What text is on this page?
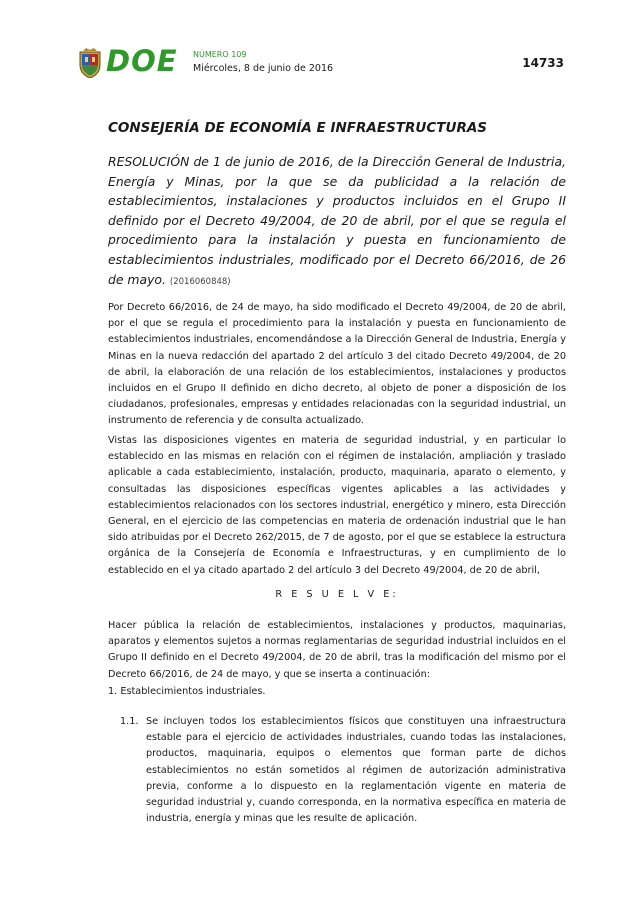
DOE NÚMERO 109
Miércoles, 8 de junio de 2016	14733
CONSEJERÍA DE ECONOMÍA E INFRAESTRUCTURAS
RESOLUCIÓN de 1 de junio de 2016, de la Dirección General de Industria, Energía y Minas, por la que se da publicidad a la relación de establecimientos, instalaciones y productos incluidos en el Grupo II definido por el Decreto 49/2004, de 20 de abril, por el que se regula el procedimiento para la instalación y puesta en funcionamiento de establecimientos industriales, modificado por el Decreto 66/2016, de 26 de mayo. (2016060848)
Por Decreto 66/2016, de 24 de mayo, ha sido modificado el Decreto 49/2004, de 20 de abril, por el que se regula el procedimiento para la instalación y puesta en funcionamiento de establecimientos industriales, encomendándose a la Dirección General de Industria, Energía y Minas en la nueva redacción del apartado 2 del artículo 3 del citado Decreto 49/2004, de 20 de abril, la elaboración de una relación de los establecimientos, instalaciones y productos incluidos en el Grupo II definido en dicho decreto, al objeto de poner a disposición de los ciudadanos, profesionales, empresas y entidades relacionadas con la seguridad industrial, un instrumento de referencia y de consulta actualizado.
Vistas las disposiciones vigentes en materia de seguridad industrial, y en particular lo establecido en las mismas en relación con el régimen de instalación, ampliación y traslado aplicable a cada establecimiento, instalación, producto, maquinaria, aparato o elemento, y consultadas las disposiciones específicas vigentes aplicables a las actividades y establecimientos relacionados con los sectores industrial, energético y minero, esta Dirección General, en el ejercicio de las competencias en materia de ordenación industrial que le han sido atribuidas por el Decreto 262/2015, de 7 de agosto, por el que se establece la estructura orgánica de la Consejería de Economía e Infraestructuras, y en cumplimiento de lo establecido en el ya citado apartado 2 del artículo 3 del Decreto 49/2004, de 20 de abril,
R E S U E L V E:
Hacer pública la relación de establecimientos, instalaciones y productos, maquinarias, aparatos y elementos sujetos a normas reglamentarias de seguridad industrial incluidos en el Grupo II definido en el Decreto 49/2004, de 20 de abril, tras la modificación del mismo por el Decreto 66/2016, de 24 de mayo, y que se inserta a continuación:
1. Establecimientos industriales.
1.1. Se incluyen todos los establecimientos físicos que constituyen una infraestructura estable para el ejercicio de actividades industriales, cuando todas las instalaciones, productos, maquinaria, equipos o elementos que forman parte de dichos establecimientos no están sometidos al régimen de autorización administrativa previa, conforme a lo dispuesto en la reglamentación vigente en materia de seguridad industrial y, cuando corresponda, en la normativa específica en materia de industria, energía y minas que les resulte de aplicación.
